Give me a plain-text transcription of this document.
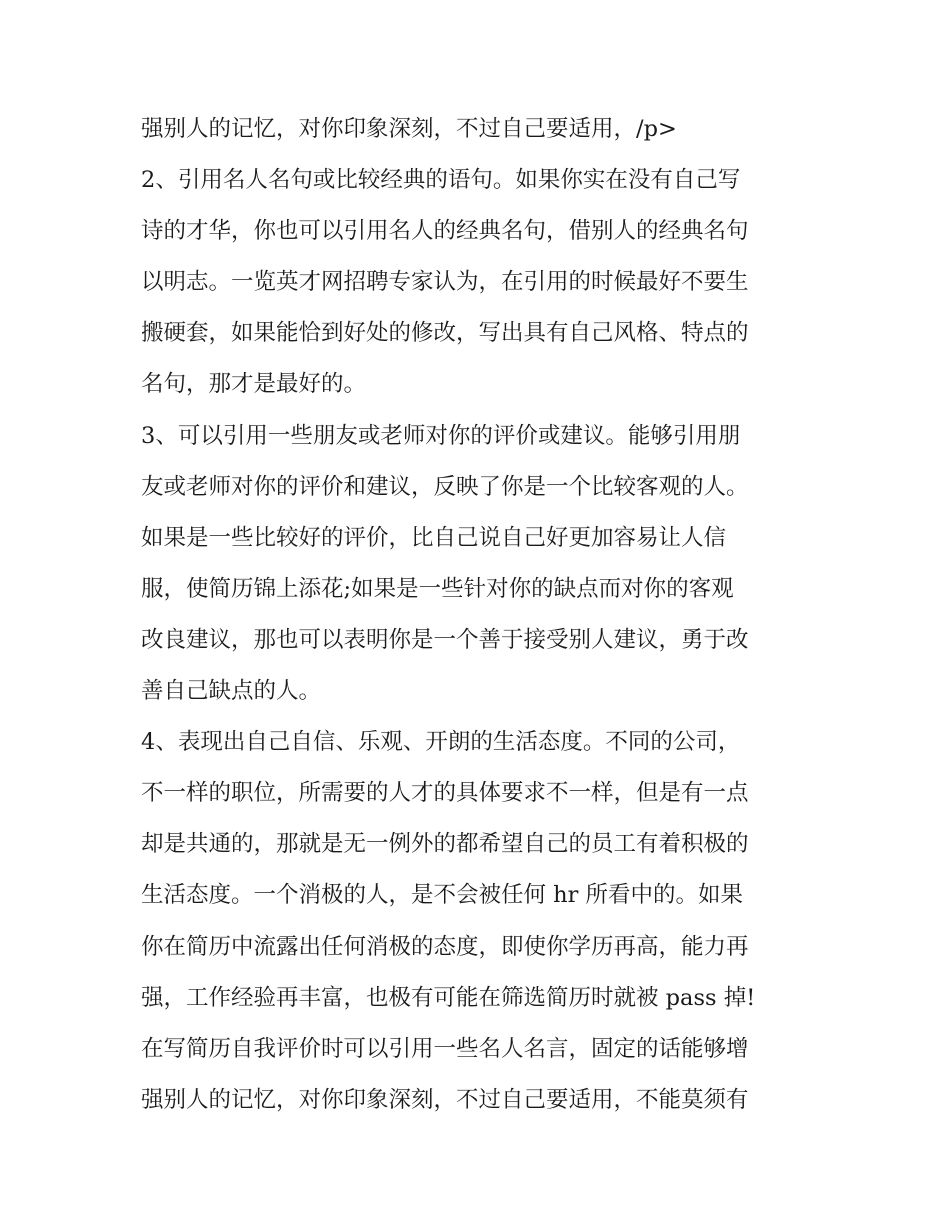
强别人的记忆，对你印象深刻，不过自己要适用，/p>
2、引用名人名句或比较经典的语句。如果你实在没有自己写
诗的才华，你也可以引用名人的经典名句，借别人的经典名句
以明志。一览英才网招聘专家认为，在引用的时候最好不要生
搬硬套，如果能恰到好处的修改，写出具有自己风格、特点的
名句，那才是最好的。
3、可以引用一些朋友或老师对你的评价或建议。能够引用朋
友或老师对你的评价和建议，反映了你是一个比较客观的人。
如果是一些比较好的评价，比自己说自己好更加容易让人信
服，使简历锦上添花;如果是一些针对你的缺点而对你的客观
改良建议，那也可以表明你是一个善于接受别人建议，勇于改
善自己缺点的人。
4、表现出自己自信、乐观、开朗的生活态度。不同的公司，
不一样的职位，所需要的人才的具体要求不一样，但是有一点
却是共通的，那就是无一例外的都希望自己的员工有着积极的
生活态度。一个消极的人，是不会被任何 hr 所看中的。如果
你在简历中流露出任何消极的态度，即使你学历再高，能力再
强，工作经验再丰富，也极有可能在筛选简历时就被 pass 掉!
在写简历自我评价时可以引用一些名人名言，固定的话能够增
强别人的记忆，对你印象深刻，不过自己要适用，不能莫须有
